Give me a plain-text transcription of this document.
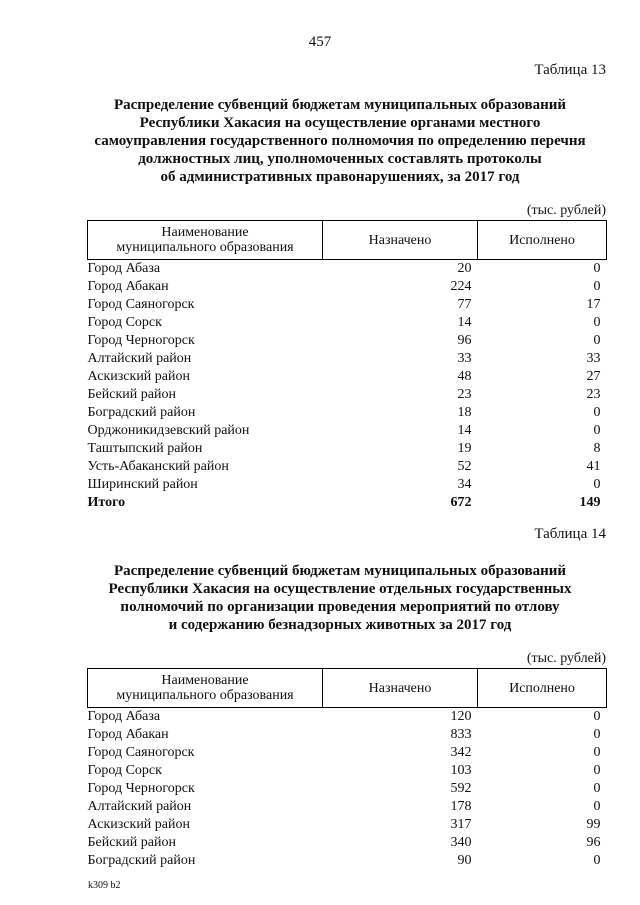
457
Таблица 13
Распределение субвенций бюджетам муниципальных образований
Республики Хакасия на осуществление органами местного
самоуправления государственного полномочия по определению перечня
должностных лиц, уполномоченных составлять протоколы
об административных правонарушениях, за 2017 год
(тыс. рублей)
Наименование
муниципального образования	Назначено	Исполнено
Город Абаза	20	0
Город Абакан	224	0
Город Саяногорск	77	17
Город Сорск	14	0
Город Черногорск	96	0
Алтайский район	33	33
Аскизский район	48	27
Бейский район	23	23
Боградский район	18	0
Орджоникидзевский район	14	0
Таштыпский район	19	8
Усть-Абаканский район	52	41
Ширинский район	34	0
Итого	672	149
Таблица 14
Распределение субвенций бюджетам муниципальных образований
Республики Хакасия на осуществление отдельных государственных
полномочий по организации проведения мероприятий по отлову
и содержанию безнадзорных животных за 2017 год
(тыс. рублей)
Наименование
муниципального образования	Назначено	Исполнено
Город Абаза	120	0
Город Абакан	833	0
Город Саяногорск	342	0
Город Сорск	103	0
Город Черногорск	592	0
Алтайский район	178	0
Аскизский район	317	99
Бейский район	340	96
Боградский район	90	0
k309 b2
